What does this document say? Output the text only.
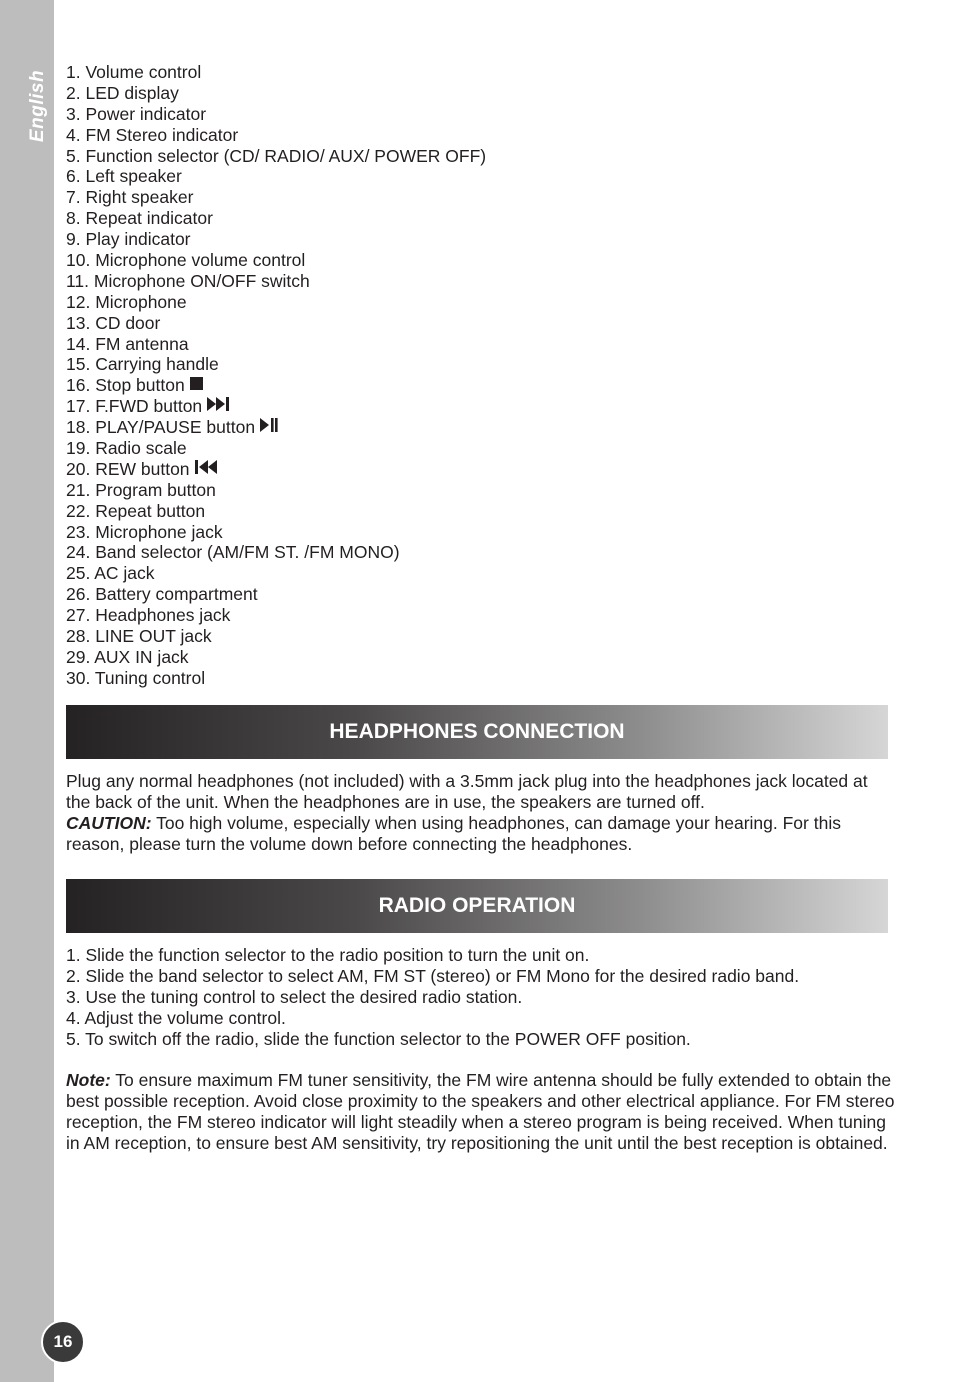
English
16
1. Volume control
2. LED display
3. Power indicator
4. FM Stereo indicator
5. Function selector (CD/ RADIO/ AUX/ POWER OFF)
6. Left speaker
7. Right speaker
8. Repeat indicator
9. Play indicator
10. Microphone volume control
11. Microphone ON/OFF switch
12. Microphone
13. CD door
14. FM antenna
15. Carrying handle
16. Stop button
17. F.FWD button
18. PLAY/PAUSE button
19. Radio scale
20. REW button
21. Program button
22. Repeat button
23. Microphone jack
24. Band selector (AM/FM ST. /FM MONO)
25. AC jack
26. Battery compartment
27. Headphones jack
28. LINE OUT jack
29. AUX IN jack
30. Tuning control
HEADPHONES CONNECTION

Plug any normal headphones (not included) with a 3.5mm jack plug into the headphones jack located at the back of the unit. When the headphones are in use, the speakers are turned off.

CAUTION: Too high volume, especially when using headphones, can damage your hearing. For this reason, please turn the volume down before connecting the headphones.

RADIO OPERATION
1. Slide the function selector to the radio position to turn the unit on.
2. Slide the band selector to select AM, FM ST (stereo) or FM Mono for the desired radio band.
3. Use the tuning control to select the desired radio station.
4. Adjust the volume control.
5. To switch off the radio, slide the function selector to the POWER OFF position.

Note: To ensure maximum FM tuner sensitivity, the FM wire antenna should be fully extended to obtain the best possible reception. Avoid close proximity to the speakers and other electrical appliance. For FM stereo reception, the FM stereo indicator will light steadily when a stereo program is being received. When tuning in AM reception, to ensure best AM sensitivity, try repositioning the unit until the best reception is obtained.
